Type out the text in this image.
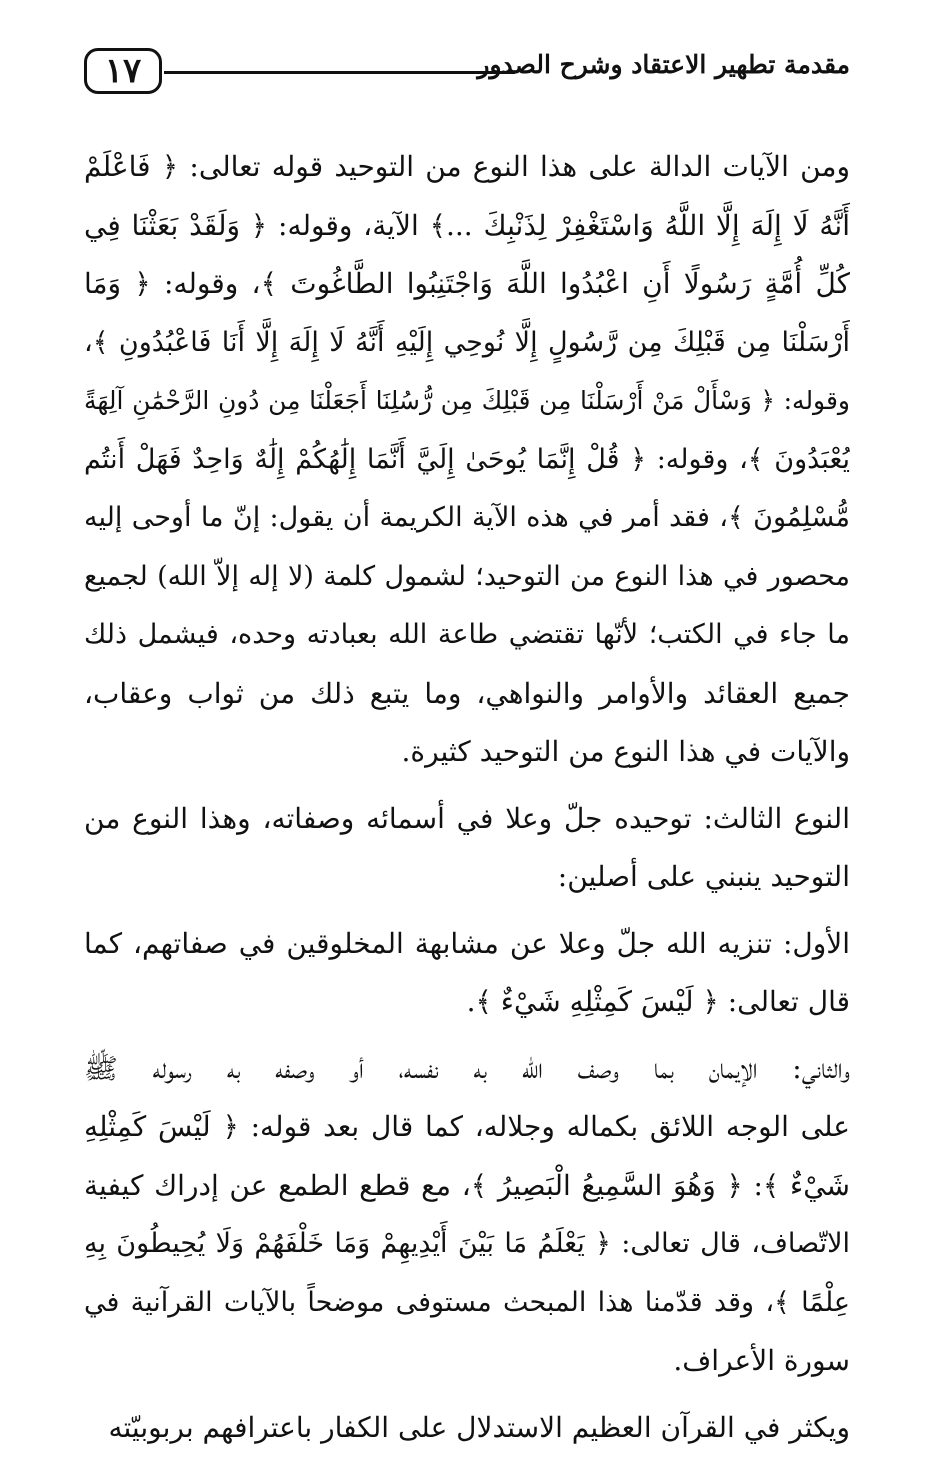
١٧	مقدمة تطهير الاعتقاد وشرح الصدور
ومن الآيات الدالة على هذا النوع من التوحيد قوله تعالى: ﴿ فَاعْلَمْ
أَنَّهُ لَا إِلَهَ إِلَّا اللَّهُ وَاسْتَغْفِرْ لِذَنْبِكَ ...﴾ الآية، وقوله: ﴿ وَلَقَدْ بَعَثْنَا فِي
كُلِّ أُمَّةٍ رَسُولًا أَنِ اعْبُدُوا اللَّهَ وَاجْتَنِبُوا الطَّاغُوتَ ﴾، وقوله: ﴿ وَمَا
أَرْسَلْنَا مِن قَبْلِكَ مِن رَّسُولٍ إِلَّا نُوحِي إِلَيْهِ أَنَّهُ لَا إِلَهَ إِلَّا أَنَا فَاعْبُدُونِ ﴾،
وقوله: ﴿ وَسْأَلْ مَنْ أَرْسَلْنَا مِن قَبْلِكَ مِن رُّسُلِنَا أَجَعَلْنَا مِن دُونِ الرَّحْمَٰنِ آلِهَةً
يُعْبَدُونَ ﴾، وقوله: ﴿ قُلْ إِنَّمَا يُوحَىٰ إِلَيَّ أَنَّمَا إِلَٰهُكُمْ إِلَٰهٌ وَاحِدٌ فَهَلْ أَنتُم
مُّسْلِمُونَ ﴾، فقد أمر في هذه الآية الكريمة أن يقول: إنّ ما أوحى إليه
محصور في هذا النوع من التوحيد؛ لشمول كلمة (لا إله إلاّ الله) لجميع
ما جاء في الكتب؛ لأنّها تقتضي طاعة الله بعبادته وحده، فيشمل ذلك
جميع العقائد والأوامر والنواهي، وما يتبع ذلك من ثواب وعقاب،
والآيات في هذا النوع من التوحيد كثيرة.
النوع الثالث: توحيده جلّ وعلا في أسمائه وصفاته، وهذا النوع من
التوحيد ينبني على أصلين:
الأول: تنزيه الله جلّ وعلا عن مشابهة المخلوقين في صفاتهم، كما
قال تعالى: ﴿ لَيْسَ كَمِثْلِهِ شَيْءٌ ﴾.
والثاني: الإيمان بما وصف الله به نفسه، أو وصفه به رسوله ﷺ
على الوجه اللائق بكماله وجلاله، كما قال بعد قوله: ﴿ لَيْسَ كَمِثْلِهِ
شَيْءٌ ﴾: ﴿ وَهُوَ السَّمِيعُ الْبَصِيرُ ﴾، مع قطع الطمع عن إدراك كيفية
الاتّصاف، قال تعالى: ﴿ يَعْلَمُ مَا بَيْنَ أَيْدِيهِمْ وَمَا خَلْفَهُمْ وَلَا يُحِيطُونَ بِهِ
عِلْمًا ﴾، وقد قدّمنا هذا المبحث مستوفى موضحاً بالآيات القرآنية في
سورة الأعراف.
ويكثر في القرآن العظيم الاستدلال على الكفار باعترافهم بربوبيّته
